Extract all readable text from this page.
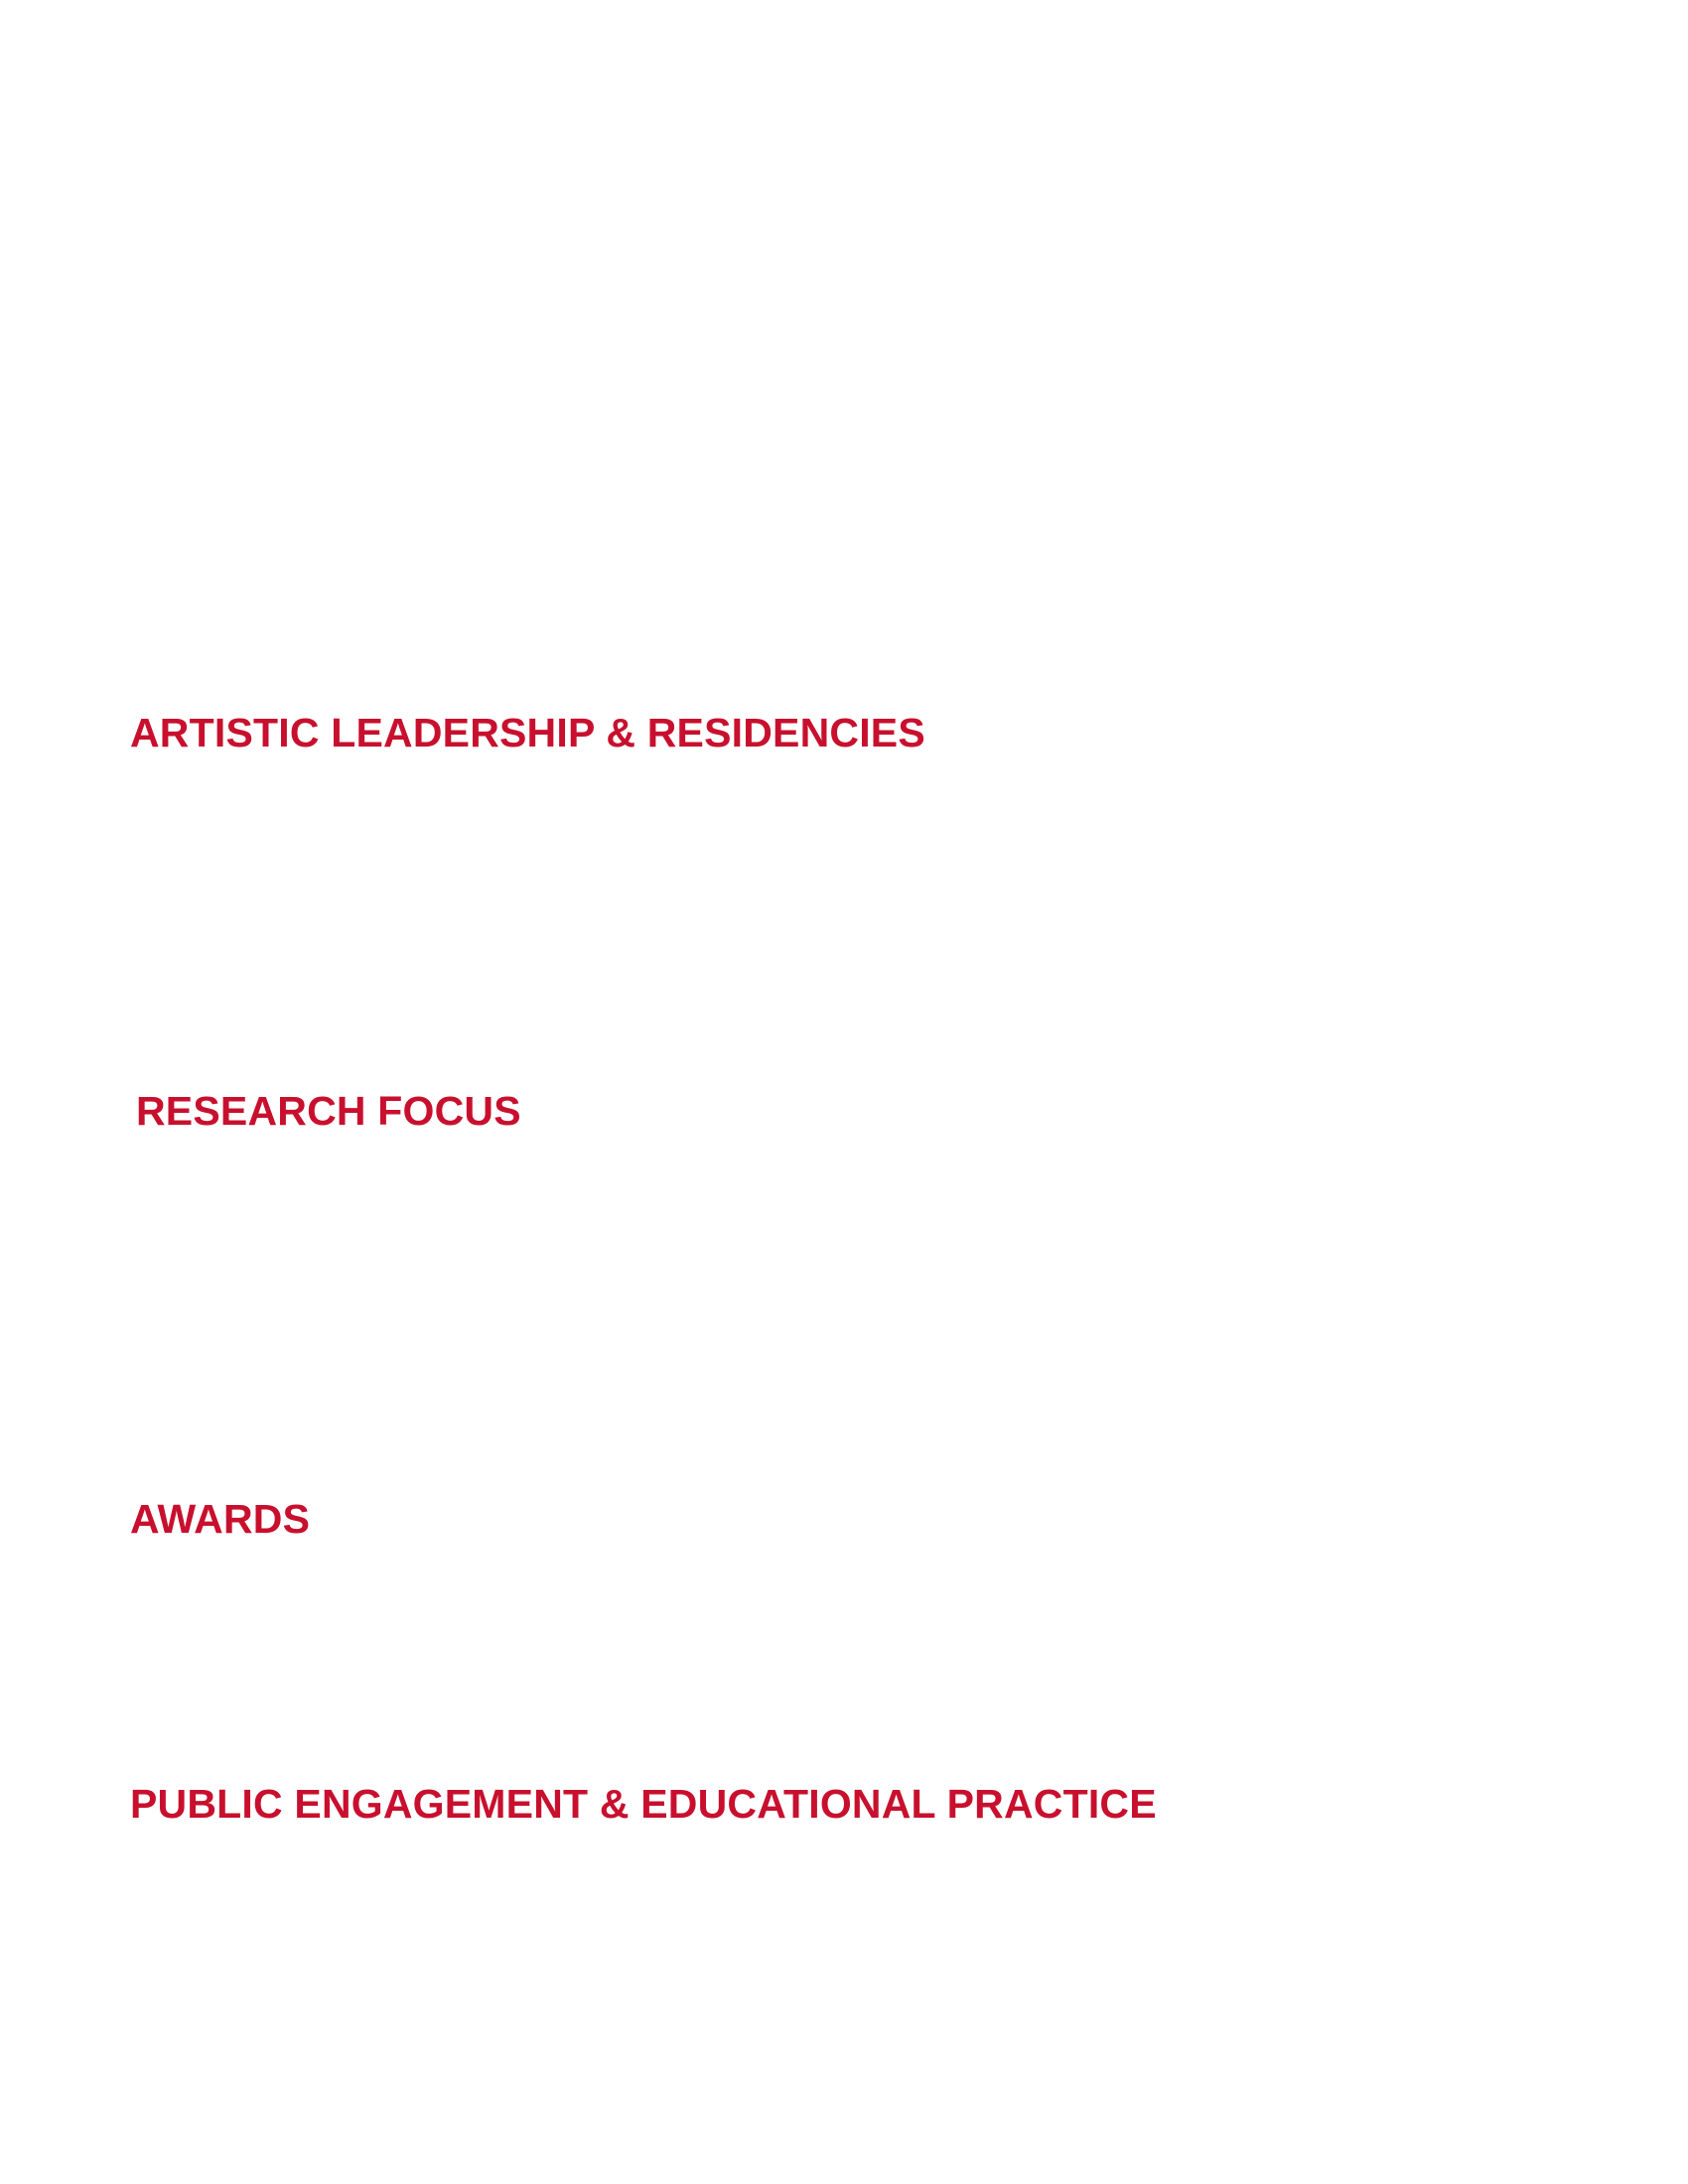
ARTISTIC LEADERSHIP & RESIDENCIES
RESEARCH FOCUS
AWARDS
PUBLIC ENGAGEMENT & EDUCATIONAL PRACTICE
